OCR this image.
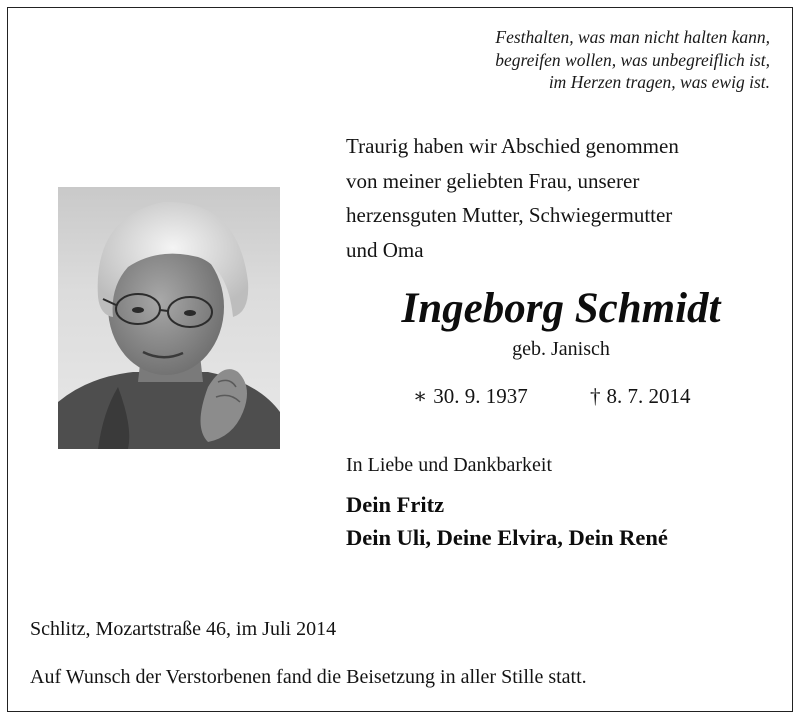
Festhalten, was man nicht halten kann,
begreifen wollen, was unbegreiflich ist,
im Herzen tragen, was ewig ist.
Traurig haben wir Abschied genommen
von meiner geliebten Frau, unserer
herzensguten Mutter, Schwiegermutter
und Oma
Ingeborg Schmidt
geb. Janisch
∗ 30. 9. 1937	† 8. 7. 2014
In Liebe und Dankbarkeit
Dein Fritz
Dein Uli, Deine Elvira, Dein René
Schlitz, Mozartstraße 46, im Juli 2014
Auf Wunsch der Verstorbenen fand die Beisetzung in aller Stille statt.
